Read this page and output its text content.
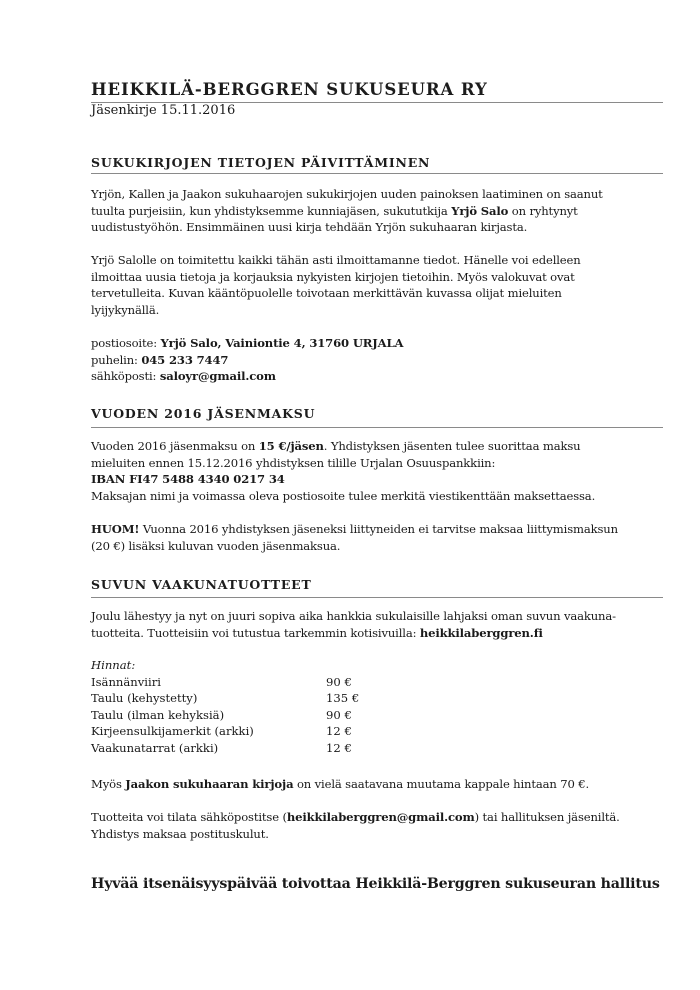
HEIKKILÄ-BERGGREN SUKUSEURA RY
Jäsenkirje 15.11.2016
SUKUKIRJOJEN TIETOJEN PÄIVITTÄMINEN
Yrjön, Kallen ja Jaakon sukuhaarojen sukukirjojen uuden painoksen laatiminen on saanut
tuulta purjeisiin, kun yhdistyksemme kunniajäsen, sukututkija Yrjö Salo on ryhtynyt
uudistustyöhön. Ensimmäinen uusi kirja tehdään Yrjön sukuhaaran kirjasta.
Yrjö Salolle on toimitettu kaikki tähän asti ilmoittamanne tiedot. Hänelle voi edelleen
ilmoittaa uusia tietoja ja korjauksia nykyisten kirjojen tietoihin. Myös valokuvat ovat
tervetulleita. Kuvan kääntöpuolelle toivotaan merkittävän kuvassa olijat mieluiten
lyijykynällä.
postiosoite: Yrjö Salo, Vainiontie 4, 31760 URJALA
puhelin: 045 233 7447
sähköposti: saloyr@gmail.com
VUODEN 2016 JÄSENMAKSU
Vuoden 2016 jäsenmaksu on 15 €/jäsen. Yhdistyksen jäsenten tulee suorittaa maksu
mieluiten ennen 15.12.2016 yhdistyksen tilille Urjalan Osuuspankkiin:
IBAN FI47 5488 4340 0217 34
Maksajan nimi ja voimassa oleva postiosoite tulee merkitä viestikenttään maksettaessa.
HUOM! Vuonna 2016 yhdistyksen jäseneksi liittyneiden ei tarvitse maksaa liittymismaksun
(20 €) lisäksi kuluvan vuoden jäsenmaksua.
SUVUN VAAKUNATUOTTEET
Joulu lähestyy ja nyt on juuri sopiva aika hankkia sukulaisille lahjaksi oman suvun vaakuna-
tuotteita. Tuotteisiin voi tutustua tarkemmin kotisivuilla: heikkilaberggren.fi
Hinnat:
Isännänviiri	90 €
Taulu (kehystetty)	135 €
Taulu (ilman kehyksiä)	90 €
Kirjeensulkijamerkit (arkki)	12 €
Vaakunatarrat (arkki)	12 €
Myös Jaakon sukuhaaran kirjoja on vielä saatavana muutama kappale hintaan 70 €.
Tuotteita voi tilata sähköpostitse (heikkilaberggren@gmail.com) tai hallituksen jäseniltä.
Yhdistys maksaa postituskulut.
Hyvää itsenäisyyspäivää toivottaa Heikkilä-Berggren sukuseuran hallitus
